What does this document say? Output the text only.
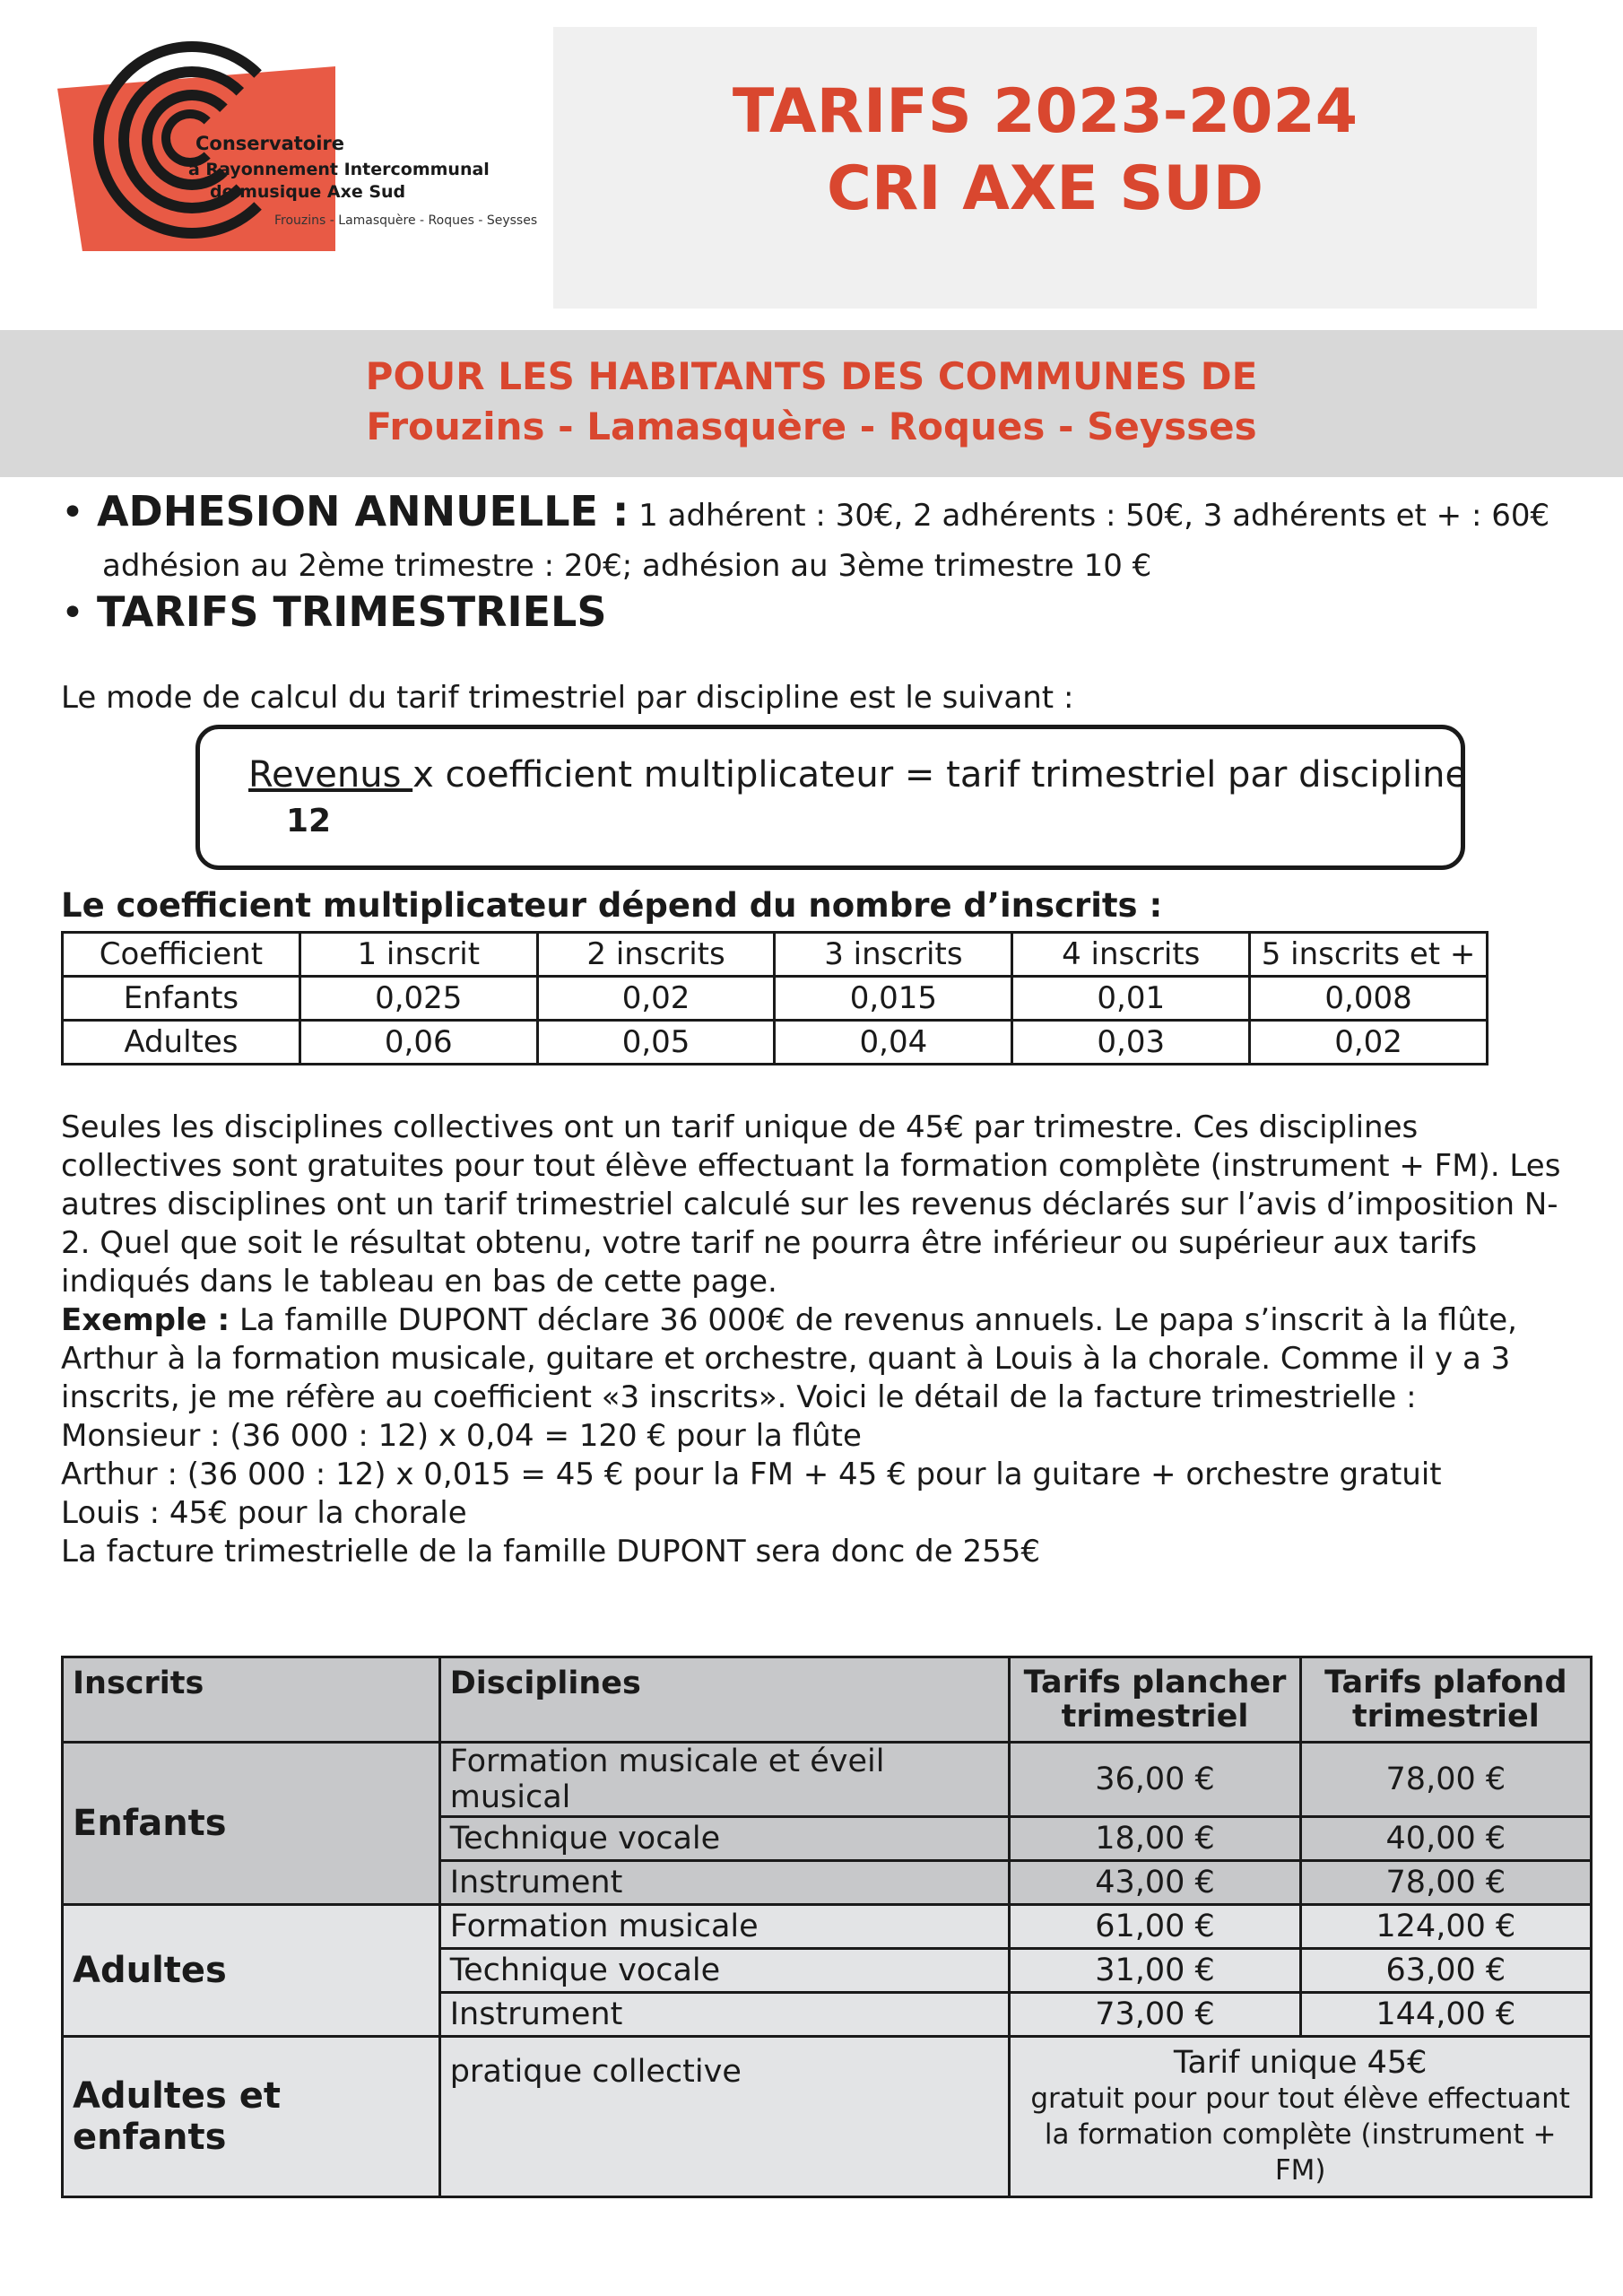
Conservatoire
à Rayonnement Intercommunal
de musique Axe Sud
Frouzins - Lamasquère - Roques - Seysses
TARIFS 2023-2024
CRI AXE SUD
POUR LES HABITANTS DES COMMUNES DE
Frouzins - Lamasquère - Roques - Seysses
• ADHESION ANNUELLE : 1 adhérent : 30€, 2 adhérents : 50€, 3 adhérents et + : 60€
adhésion au 2ème trimestre : 20€; adhésion au 3ème trimestre 10 €
• TARIFS TRIMESTRIELS
Le mode de calcul du tarif trimestriel par discipline est le suivant :
Revenus x coefficient multiplicateur = tarif trimestriel par discipline
12
Le coefficient multiplicateur dépend du nombre d’inscrits :
Coefficient	1 inscrit	2 inscrits	3 inscrits	4 inscrits	5 inscrits et +
Enfants	0,025	0,02	0,015	0,01	0,008
Adultes	0,06	0,05	0,04	0,03	0,02

Seules les disciplines collectives ont un tarif unique de 45€ par trimestre. Ces disciplines collectives sont gratuites pour tout élève effectuant la formation complète (instrument + FM). Les autres disciplines ont un tarif trimestriel calculé sur les revenus déclarés sur l’avis d’imposition N-2. Quel que soit le résultat obtenu, votre tarif ne pourra être inférieur ou supérieur aux tarifs indiqués dans le tableau en bas de cette page.

Exemple : La famille DUPONT déclare 36 000€ de revenus annuels. Le papa s’inscrit à la flûte, Arthur à la formation musicale, guitare et orchestre, quant à Louis à la chorale. Comme il y a 3 inscrits, je me réfère au coefficient «3 inscrits». Voici le détail de la facture trimestrielle :

Monsieur : (36 000 : 12) x 0,04 = 120 € pour la flûte

Arthur : (36 000 : 12) x 0,015 = 45 € pour la FM + 45 € pour la guitare + orchestre gratuit

Louis : 45€ pour la chorale

La facture trimestrielle de la famille DUPONT sera donc de 255€

Inscrits	Disciplines	Tarifs plancher trimestriel	Tarifs plafond trimestriel
Enfants	Formation musicale et éveil musical	36,00 €	78,00 €
	Technique vocale	18,00 €	40,00 €
	Instrument	43,00 €	78,00 €
Adultes	Formation musicale	61,00 €	124,00 €
	Technique vocale	31,00 €	63,00 €
	Instrument	73,00 €	144,00 €
Adultes et enfants	pratique collective	Tarif unique 45€
gratuit pour pour tout élève effectuant la formation complète (instrument + FM)	
